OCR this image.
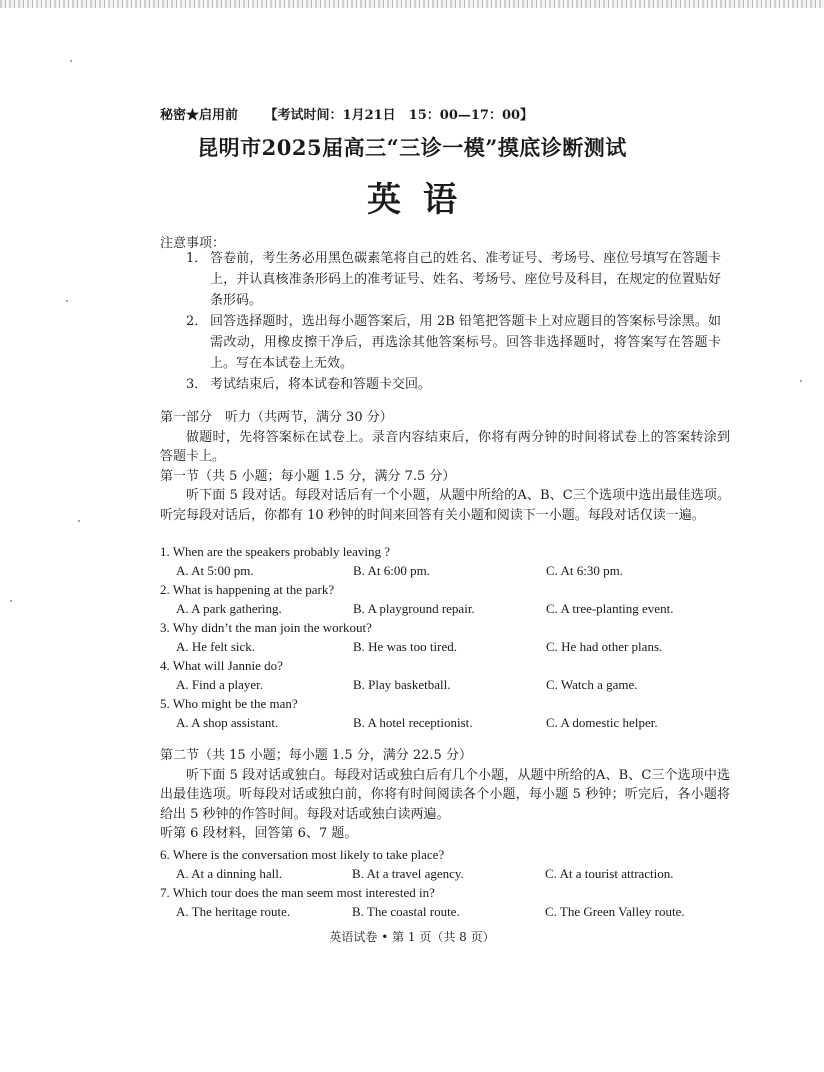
秘密★启用前 【考试时间：1月21日　15：00—17：00】
昆明市2025届高三“三诊一模”摸底诊断测试
英语
注意事项：
1． 答卷前，考生务必用黑色碳素笔将自己的姓名、准考证号、考场号、座位号填写在答题卡上，并认真核准条形码上的准考证号、姓名、考场号、座位号及科目，在规定的位置贴好条形码。
2． 回答选择题时，选出每小题答案后，用 2B 铅笔把答题卡上对应题目的答案标号涂黑。如需改动，用橡皮擦干净后，再选涂其他答案标号。回答非选择题时，将答案写在答题卡上。写在本试卷上无效。
3． 考试结束后，将本试卷和答题卡交回。
第一部分　听力（共两节，满分 30 分）
做题时，先将答案标在试卷上。录音内容结束后，你将有两分钟的时间将试卷上的答案转涂到答题卡上。
第一节（共 5 小题；每小题 1.5 分，满分 7.5 分）
听下面 5 段对话。每段对话后有一个小题，从题中所给的A、B、C三个选项中选出最佳选项。听完每段对话后，你都有 10 秒钟的时间来回答有关小题和阅读下一小题。每段对话仅读一遍。
1. When are the speakers probably leaving ?
A. At 5:00 pm.	B. At 6:00 pm.	C. At 6:30 pm.
2. What is happening at the park?
A. A park gathering.	B. A playground repair.	C. A tree-planting event.
3. Why didn’t the man join the workout?
A. He felt sick.	B. He was too tired.	C. He had other plans.
4. What will Jannie do?
A. Find a player.	B. Play basketball.	C. Watch a game.
5. Who might be the man?
A. A shop assistant.	B. A hotel receptionist.	C. A domestic helper.
第二节（共 15 小题；每小题 1.5 分，满分 22.5 分）
听下面 5 段对话或独白。每段对话或独白后有几个小题，从题中所给的A、B、C三个选项中选出最佳选项。听每段对话或独白前，你将有时间阅读各个小题，每小题 5 秒钟；听完后，各小题将给出 5 秒钟的作答时间。每段对话或独白读两遍。
听第 6 段材料，回答第 6、7 题。
6. Where is the conversation most likely to take place?
A. At a dinning hall.	B. At a travel agency.	C. At a tourist attraction.
7. Which tour does the man seem most interested in?
A. The heritage route.	B. The coastal route.	C. The Green Valley route.
英语试卷 • 第 1 页（共 8 页）
